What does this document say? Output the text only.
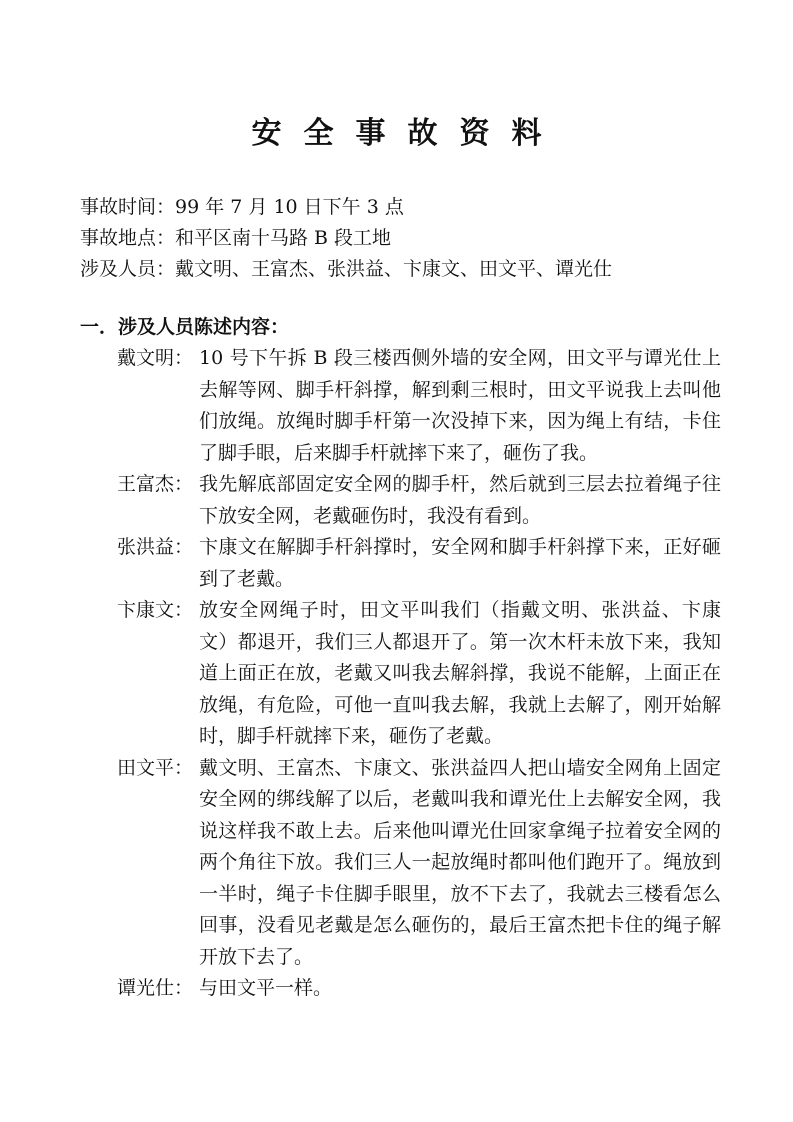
安全事故资料
事故时间：99 年 7 月 10 日下午 3 点
事故地点：和平区南十马路 B 段工地
涉及人员：戴文明、王富杰、张洪益、卞康文、田文平、谭光仕
一．涉及人员陈述内容：
戴文明： 10 号下午拆 B 段三楼西侧外墙的安全网，田文平与谭光仕上去解等网、脚手杆斜撑，解到剩三根时，田文平说我上去叫他们放绳。放绳时脚手杆第一次没掉下来，因为绳上有结，卡住了脚手眼，后来脚手杆就摔下来了，砸伤了我。
王富杰： 我先解底部固定安全网的脚手杆，然后就到三层去拉着绳子往下放安全网，老戴砸伤时，我没有看到。
张洪益： 卞康文在解脚手杆斜撑时，安全网和脚手杆斜撑下来，正好砸到了老戴。
卞康文： 放安全网绳子时，田文平叫我们（指戴文明、张洪益、卞康文）都退开，我们三人都退开了。第一次木杆未放下来，我知道上面正在放，老戴又叫我去解斜撑，我说不能解，上面正在放绳，有危险，可他一直叫我去解，我就上去解了，刚开始解时，脚手杆就摔下来，砸伤了老戴。
田文平： 戴文明、王富杰、卞康文、张洪益四人把山墙安全网角上固定安全网的绑线解了以后，老戴叫我和谭光仕上去解安全网，我说这样我不敢上去。后来他叫谭光仕回家拿绳子拉着安全网的两个角往下放。我们三人一起放绳时都叫他们跑开了。绳放到一半时，绳子卡住脚手眼里，放不下去了，我就去三楼看怎么回事，没看见老戴是怎么砸伤的，最后王富杰把卡住的绳子解开放下去了。
谭光仕： 与田文平一样。
